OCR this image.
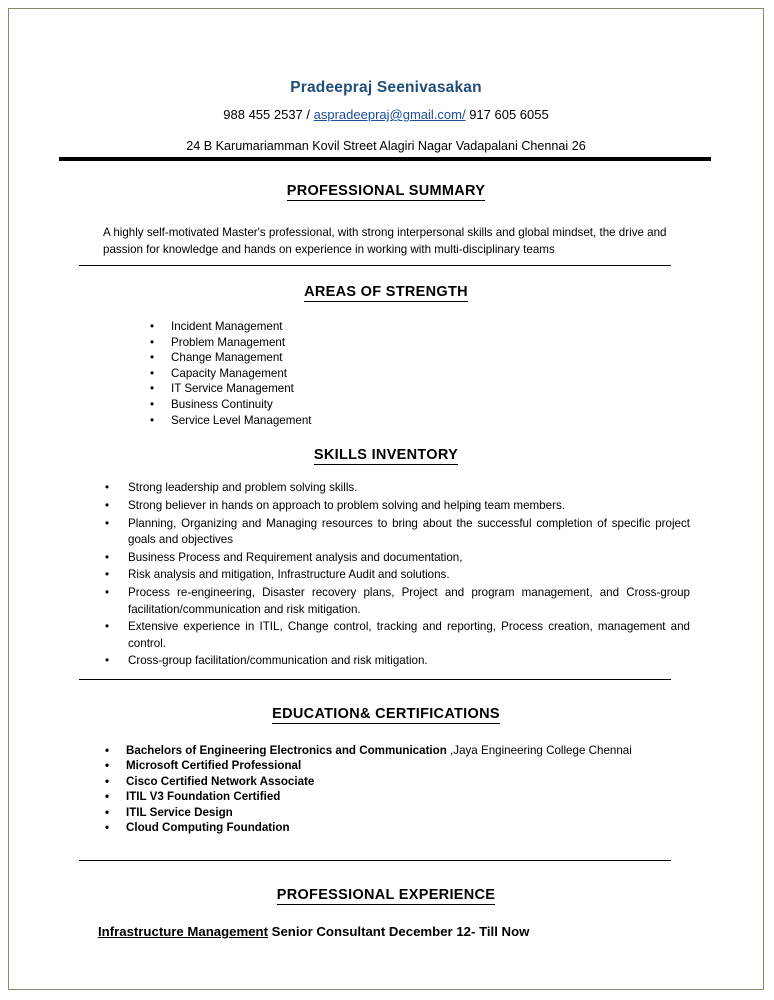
Pradeepraj Seenivasakan
988 455 2537 / aspradeepraj@gmail.com/ 917 605 6055
24 B Karumariamman Kovil Street Alagiri Nagar Vadapalani Chennai 26
PROFESSIONAL SUMMARY
A highly self-motivated Master's professional, with strong interpersonal skills and global mindset, the drive and passion for knowledge and hands on experience in working with multi-disciplinary teams
AREAS OF STRENGTH
• Incident Management
• Problem Management
• Change Management
• Capacity Management
• IT Service Management
• Business Continuity
• Service Level Management
SKILLS INVENTORY
• Strong leadership and problem solving skills.
• Strong believer in hands on approach to problem solving and helping team members.
• Planning, Organizing and Managing resources to bring about the successful completion of specific project goals and objectives
• Business Process and Requirement analysis and documentation,
• Risk analysis and mitigation, Infrastructure Audit and solutions.
• Process re-engineering, Disaster recovery plans, Project and program management, and Cross-group facilitation/communication and risk mitigation.
• Extensive experience in ITIL, Change control, tracking and reporting, Process creation, management and control.
• Cross-group facilitation/communication and risk mitigation.
EDUCATION& CERTIFICATIONS
• Bachelors of Engineering Electronics and Communication ,Jaya Engineering College Chennai
• Microsoft Certified Professional
• Cisco Certified Network Associate
• ITIL V3 Foundation Certified
• ITIL Service Design
• Cloud Computing Foundation
PROFESSIONAL EXPERIENCE
Infrastructure Management Senior Consultant December 12- Till Now
